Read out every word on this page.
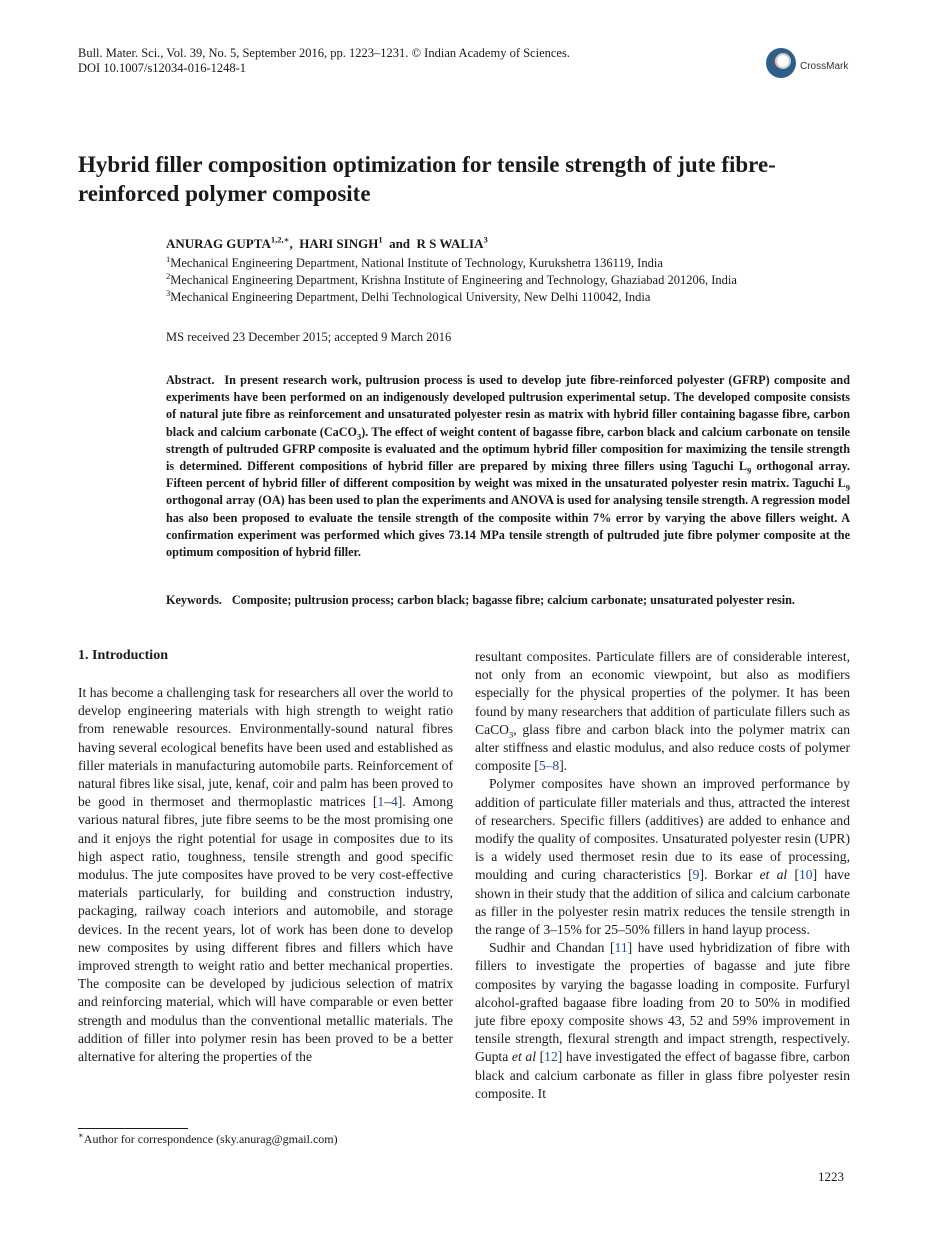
Bull. Mater. Sci., Vol. 39, No. 5, September 2016, pp. 1223–1231. © Indian Academy of Sciences.
DOI 10.1007/s12034-016-1248-1	CrossMark
Hybrid filler composition optimization for tensile strength of jute fibre-reinforced polymer composite
ANURAG $GUPTA^{1,2,∗}$, HARI SINGH$^1$ and R S WALIA$^3$
$^1$Mechanical Engineering Department, National Institute of Technology, Kurukshetra 136119, India
$^2$Mechanical Engineering Department, Krishna Institute of Engineering and Technology, Ghaziabad 201206, India
$^3$Mechanical Engineering Department, Delhi Technological University, New Delhi 110042, India
MS received 23 December 2015; accepted 9 March 2016
Abstract. In present research work, pultrusion process is used to develop jute fibre-reinforced polyester (GFRP) composite and experiments have been performed on an indigenously developed pultrusion experimental setup. The developed composite consists of natural jute fibre as reinforcement and unsaturated polyester resin as matrix with hybrid filler containing bagasse fibre, carbon black and calcium carbonate (CaCO$_3$). The effect of weight content of bagasse fibre, carbon black and calcium carbonate on tensile strength of pultruded GFRP composite is evaluated and the optimum hybrid filler composition for maximizing the tensile strength is determined. Different compositions of hybrid filler are prepared by mixing three fillers using Taguchi $L_9$ orthogonal array. Fifteen percent of hybrid filler of different composition by weight was mixed in the unsaturated polyester resin matrix. Taguchi $L_9$ orthogonal array (OA) has been used to plan the experiments and ANOVA is used for analysing tensile strength. A regression model has also been proposed to evaluate the tensile strength of the composite within 7% error by varying the above fillers weight. A confirmation experiment was performed which gives 73.14 MPa tensile strength of pultruded jute fibre polymer composite at the optimum composition of hybrid filler.
Keywords. Composite; pultrusion process; carbon black; bagasse fibre; calcium carbonate; unsaturated polyester resin.
1. Introduction

It has become a challenging task for researchers all over the world to develop engineering materials with high strength to weight ratio from renewable resources. Environmentally-sound natural fibres having several ecological benefits have been used and established as filler materials in manufacturing automobile parts. Reinforcement of natural fibres like sisal, jute, kenaf, coir and palm has been proved to be good in thermoset and thermoplastic matrices [1–4]. Among various natural fibres, jute fibre seems to be the most promising one and it enjoys the right potential for usage in composites due to its high aspect ratio, toughness, tensile strength and good specific modulus. The jute composites have proved to be very cost-effective materials particularly, for building and construction industry, packaging, railway coach interiors and automobile, and storage devices. In the recent years, lot of work has been done to develop new composites by using different fibres and fillers which have improved strength to weight ratio and better mechanical properties. The composite can be developed by judicious selection of matrix and reinforcing material, which will have comparable or even better strength and modulus than the conventional metallic materials. The addition of filler into polymer resin has been proved to be a better alternative for altering the properties of the

resultant composites. Particulate fillers are of considerable interest, not only from an economic viewpoint, but also as modifiers especially for the physical properties of the polymer. It has been found by many researchers that addition of particulate fillers such as CaCO$_3$, glass fibre and carbon black into the polymer matrix can alter stiffness and elastic modulus, and also reduce costs of polymer composite [5–8].

Polymer composites have shown an improved performance by addition of particulate filler materials and thus, attracted the interest of researchers. Specific fillers (additives) are added to enhance and modify the quality of composites. Unsaturated polyester resin (UPR) is a widely used thermoset resin due to its ease of processing, moulding and curing characteristics [9]. Borkar et al [10] have shown in their study that the addition of silica and calcium carbonate as filler in the polyester resin matrix reduces the tensile strength in the range of 3–15% for 25–50% fillers in hand layup process.

Sudhir and Chandan [11] have used hybridization of fibre with fillers to investigate the properties of bagasse and jute fibre composites by varying the bagasse loading in composite. Furfuryl alcohol-grafted bagaase fibre loading from 20 to 50% in modified jute fibre epoxy composite shows 43, 52 and 59% improvement in tensile strength, flexural strength and impact strength, respectively. Gupta et al [12] have investigated the effect of bagasse fibre, carbon black and calcium carbonate as filler in glass fibre polyester resin composite. It

∗Author for correspondence (sky.anurag@gmail.com)
1223
